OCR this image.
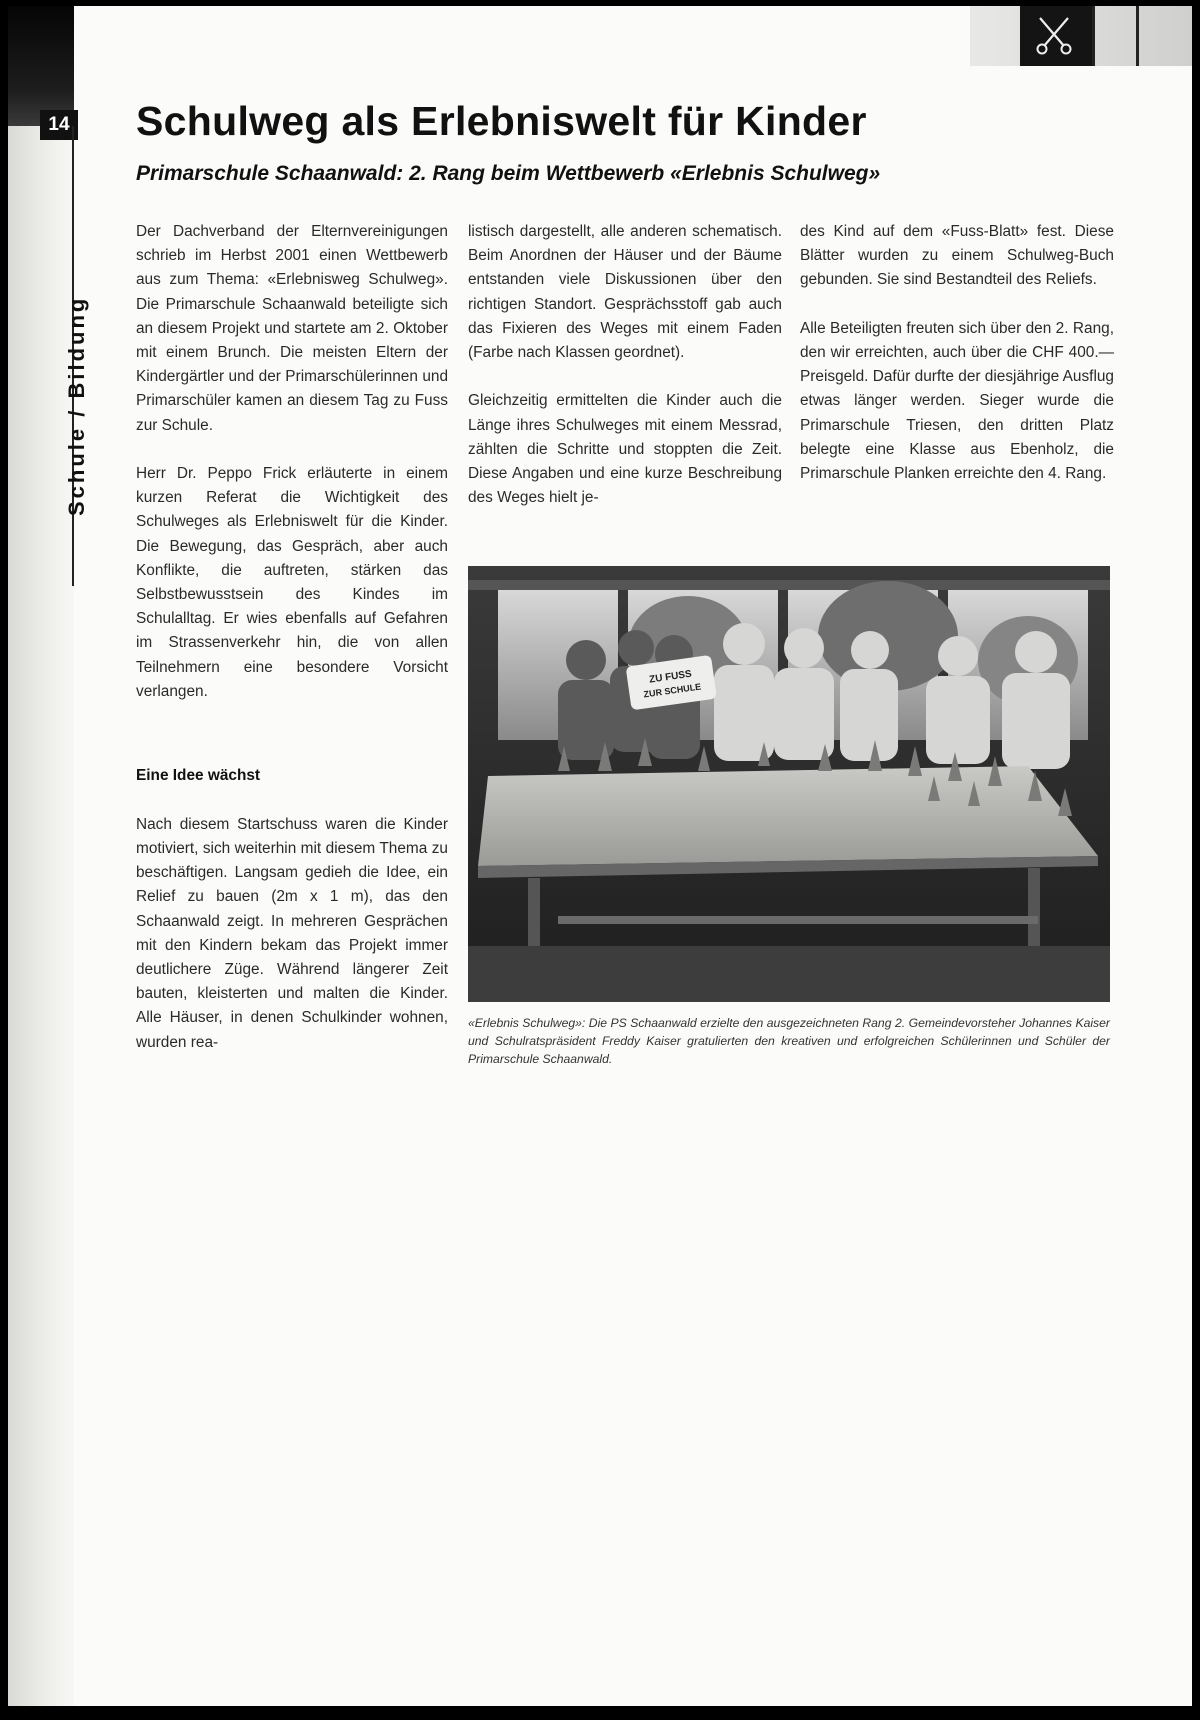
14
Schule / Bildung
Schulweg als Erlebniswelt für Kinder
Primarschule Schaanwald: 2. Rang beim Wettbewerb «Erlebnis Schulweg»

Der Dachverband der Elternvereinigungen schrieb im Herbst 2001 einen Wettbewerb aus zum Thema: «Erlebnisweg Schulweg». Die Primarschule Schaanwald beteiligte sich an diesem Projekt und startete am 2. Oktober mit einem Brunch. Die meisten Eltern der Kindergärtler und der Primarschülerinnen und Primarschüler kamen an diesem Tag zu Fuss zur Schule.

Herr Dr. Peppo Frick erläuterte in einem kurzen Referat die Wichtigkeit des Schulweges als Erlebniswelt für die Kinder. Die Bewegung, das Gespräch, aber auch Konflikte, die auftreten, stärken das Selbstbewusstsein des Kindes im Schulalltag. Er wies ebenfalls auf Gefahren im Strassenverkehr hin, die von allen Teilnehmern eine besondere Vorsicht verlangen.

Eine Idee wächst

Nach diesem Startschuss waren die Kinder motiviert, sich weiterhin mit diesem Thema zu beschäftigen. Langsam gedieh die Idee, ein Relief zu bauen (2m x 1 m), das den Schaanwald zeigt. In mehreren Gesprächen mit den Kindern bekam das Projekt immer deutlichere Züge. Während längerer Zeit bauten, kleisterten und malten die Kinder. Alle Häuser, in denen Schulkinder wohnen, wurden rea-

listisch dargestellt, alle anderen schematisch. Beim Anordnen der Häuser und der Bäume entstanden viele Diskussionen über den richtigen Standort. Gesprächsstoff gab auch das Fixieren des Weges mit einem Faden (Farbe nach Klassen geordnet).

Gleichzeitig ermittelten die Kinder auch die Länge ihres Schulweges mit einem Messrad, zählten die Schritte und stoppten die Zeit. Diese Angaben und eine kurze Beschreibung des Weges hielt je-

des Kind auf dem «Fuss-Blatt» fest. Diese Blätter wurden zu einem Schulweg-Buch gebunden. Sie sind Bestandteil des Reliefs.

Alle Beteiligten freuten sich über den 2. Rang, den wir erreichten, auch über die CHF 400.— Preisgeld. Dafür durfte der diesjährige Ausflug etwas länger werden. Sieger wurde die Primarschule Triesen, den dritten Platz belegte eine Klasse aus Ebenholz, die Primarschule Planken erreichte den 4. Rang.

ZU FUSS
ZUR SCHULE
«Erlebnis Schulweg»: Die PS Schaanwald erzielte den ausgezeichneten Rang 2. Gemeindevorsteher Johannes Kaiser und Schulratspräsident Freddy Kaiser gratulierten den kreativen und erfolgreichen Schülerinnen und Schüler der Primarschule Schaanwald.
